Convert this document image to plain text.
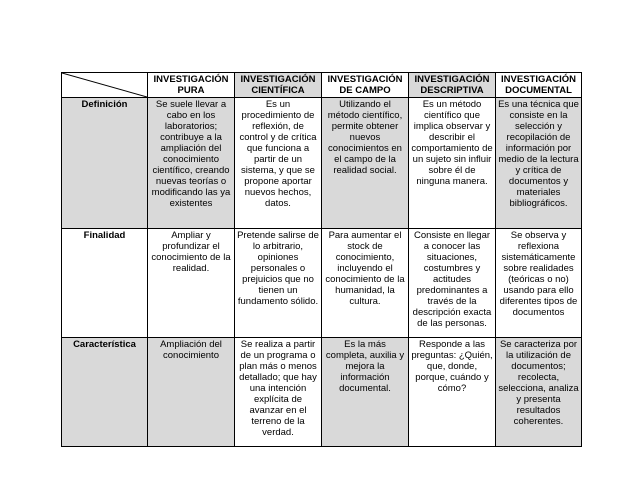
	INVESTIGACIÓN PURA	INVESTIGACIÓN CIENTÍFICA	INVESTIGACIÓN DE CAMPO	INVESTIGACIÓN DESCRIPTIVA	INVESTIGACIÓN DOCUMENTAL
Definición	Se suele llevar a cabo en los laboratorios; contribuye a la ampliación del conocimiento científico, creando nuevas teorías o modificando las ya existentes	Es un procedimiento de reflexión, de control y de crítica que funciona a partir de un sistema, y que se propone aportar nuevos hechos, datos.	Utilizando el método científico, permite obtener nuevos conocimientos en el campo de la realidad social.	Es un método científico que implica observar y describir el comportamiento de un sujeto sin influir sobre él de ninguna manera.	Es una técnica que consiste en la selección y recopilación de información por medio de la lectura y crítica de documentos y materiales bibliográficos.
Finalidad	Ampliar y profundizar el conocimiento de la realidad.	Pretende salirse de lo arbitrario, opiniones personales o prejuicios que no tienen un fundamento sólido.	Para aumentar el stock de conocimiento, incluyendo el conocimiento de la humanidad, la cultura.	Consiste en llegar a conocer las situaciones, costumbres y actitudes predominantes a través de la descripción exacta de las personas.	Se observa y reflexiona sistemáticamente sobre realidades (teóricas o no) usando para ello diferentes tipos de documentos
Característica	Ampliación del conocimiento	Se realiza a partir de un programa o plan más o menos detallado; que hay una intención explícita de avanzar en el terreno de la verdad.	Es la más completa, auxilia y mejora la información documental.	Responde a las preguntas: ¿Quién, que, donde, porque, cuándo y cómo?	Se caracteriza por la utilización de documentos; recolecta, selecciona, analiza y presenta resultados coherentes.
